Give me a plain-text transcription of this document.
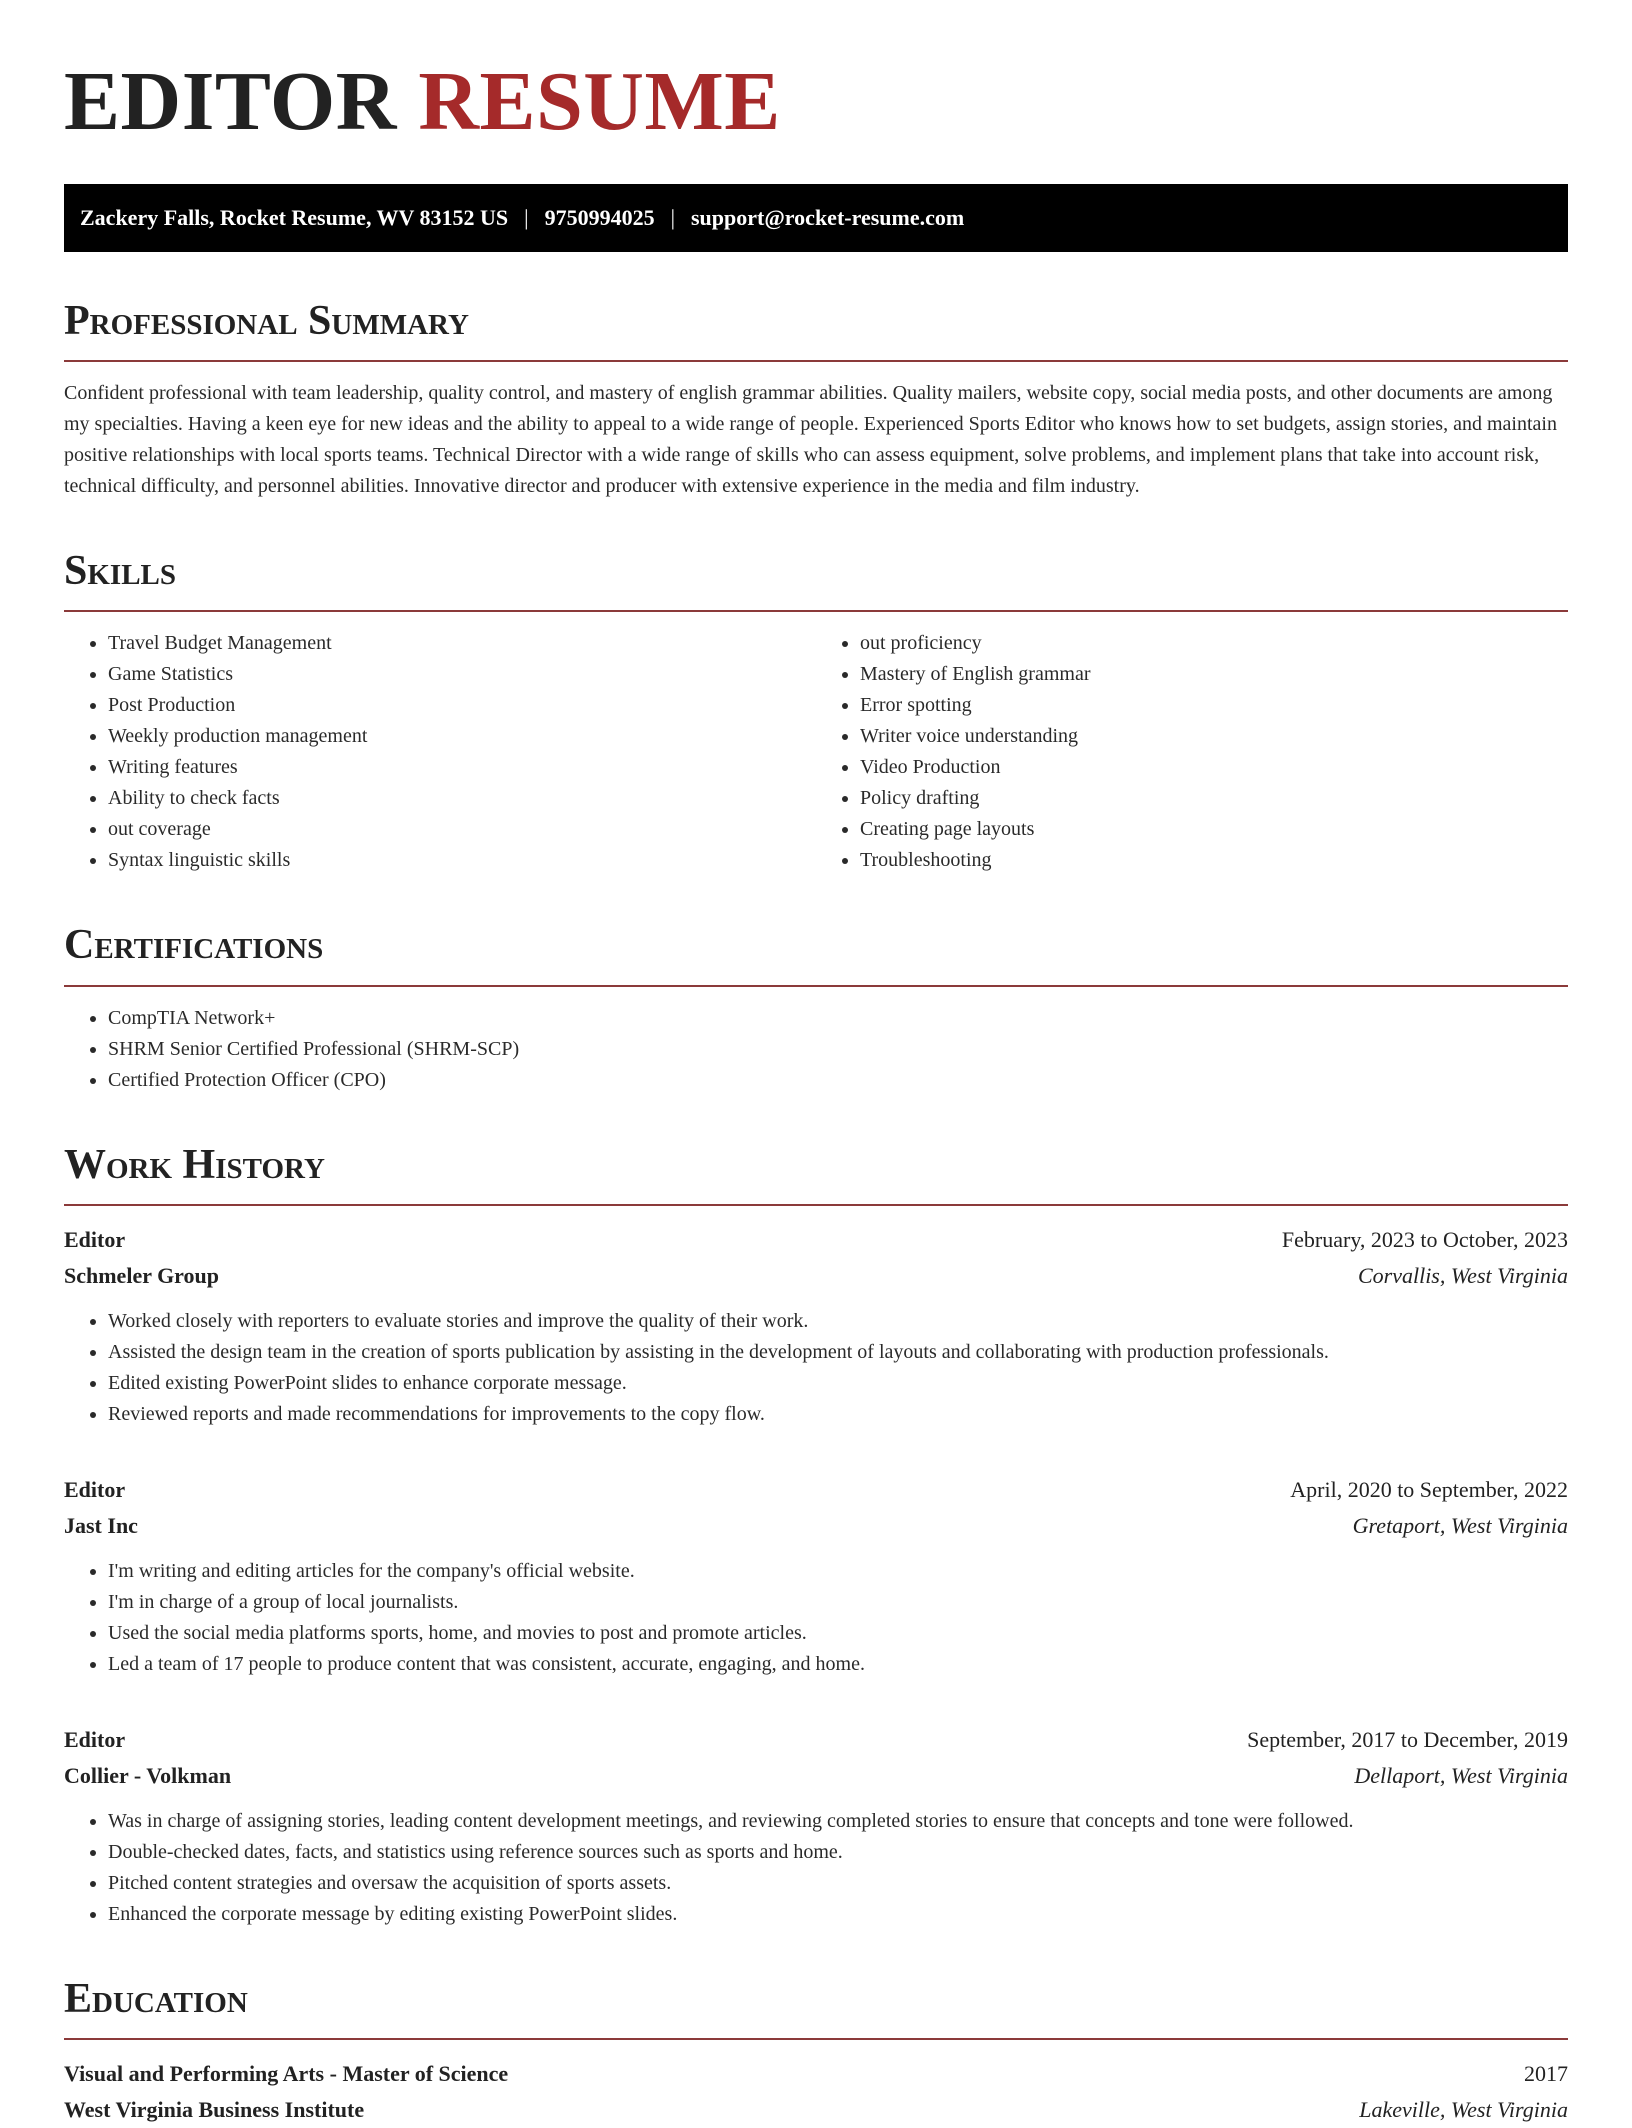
EDITOR RESUME
Zackery Falls, Rocket Resume, WV 83152 US | 9750994025 | support@rocket-resume.com
Professional Summary

Confident professional with team leadership, quality control, and mastery of english grammar abilities. Quality mailers, website copy, social media posts, and other documents are among my specialties. Having a keen eye for new ideas and the ability to appeal to a wide range of people. Experienced Sports Editor who knows how to set budgets, assign stories, and maintain positive relationships with local sports teams. Technical Director with a wide range of skills who can assess equipment, solve problems, and implement plans that take into account risk, technical difficulty, and personnel abilities. Innovative director and producer with extensive experience in the media and film industry.

Skills
• Travel Budget Management
• Game Statistics
• Post Production
• Weekly production management
• Writing features
• Ability to check facts
• out coverage
• Syntax linguistic skills
• out proficiency
• Mastery of English grammar
• Error spotting
• Writer voice understanding
• Video Production
• Policy drafting
• Creating page layouts
• Troubleshooting
Certifications
• CompTIA Network+
• SHRM Senior Certified Professional (SHRM-SCP)
• Certified Protection Officer (CPO)
Work History
Editor	February, 2023 to October, 2023
Schmeler Group	Corvallis, West Virginia
• Worked closely with reporters to evaluate stories and improve the quality of their work.
• Assisted the design team in the creation of sports publication by assisting in the development of layouts and collaborating with production professionals.
• Edited existing PowerPoint slides to enhance corporate message.
• Reviewed reports and made recommendations for improvements to the copy flow.
Editor	April, 2020 to September, 2022
Jast Inc	Gretaport, West Virginia
• I'm writing and editing articles for the company's official website.
• I'm in charge of a group of local journalists.
• Used the social media platforms sports, home, and movies to post and promote articles.
• Led a team of 17 people to produce content that was consistent, accurate, engaging, and home.
Editor	September, 2017 to December, 2019
Collier - Volkman	Dellaport, West Virginia
• Was in charge of assigning stories, leading content development meetings, and reviewing completed stories to ensure that concepts and tone were followed.
• Double-checked dates, facts, and statistics using reference sources such as sports and home.
• Pitched content strategies and oversaw the acquisition of sports assets.
• Enhanced the corporate message by editing existing PowerPoint slides.
Education
Visual and Performing Arts - Master of Science	2017
West Virginia Business Institute	Lakeville, West Virginia
